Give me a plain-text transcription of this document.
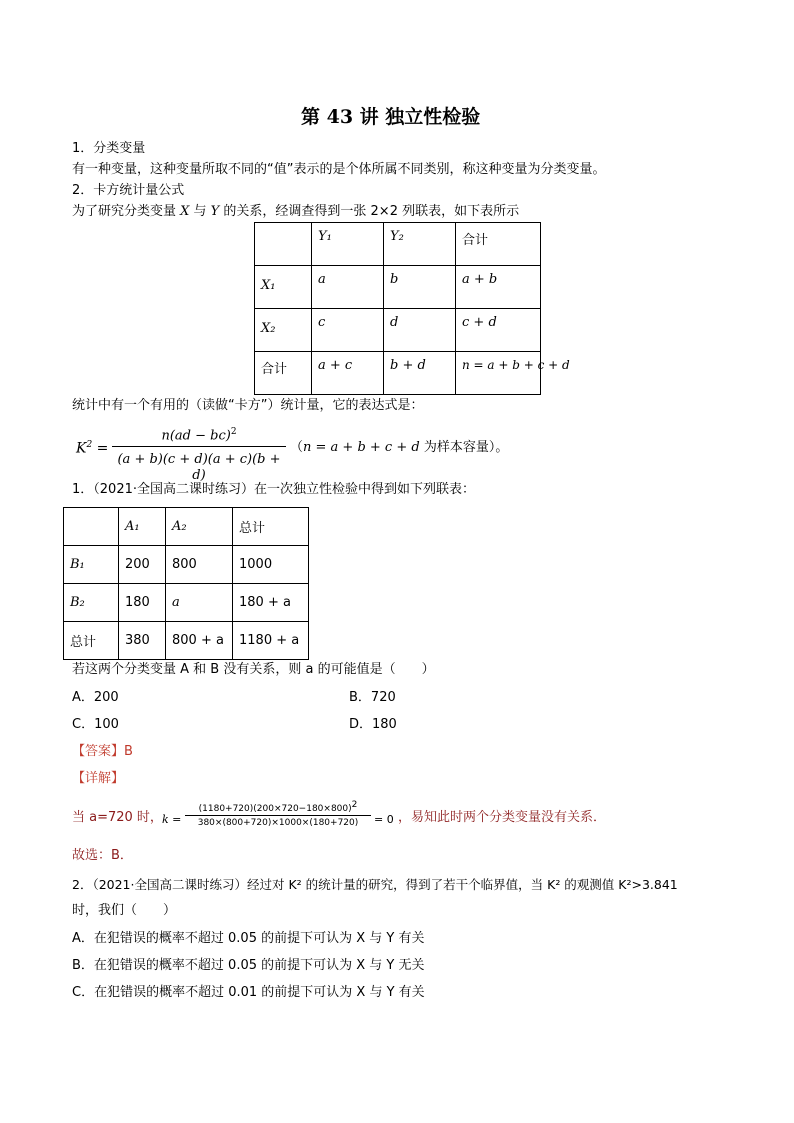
第 43 讲 独立性检验
1．分类变量
有一种变量，这种变量所取不同的“值”表示的是个体所属不同类别，称这种变量为分类变量。
2．卡方统计量公式
为了研究分类变量 X 与 Y 的关系，经调查得到一张 2×2 列联表，如下表所示

	Y₁	Y₂	合计

X₁	a	b	a + b

X₂	c	d	c + d

合计	a + c	b + d	n = a + b + c + d
统计中有一个有用的（读做“卡方”）统计量，它的表达式是：
$K^2$ =
n(ad − bc)$^2$
(a + b)(c + d)(a + c)(b + d)
（n = a + b + c + d 为样本容量）。
1．（2021·全国高二课时练习）在一次独立性检验中得到如下列联表：

	A₁	A₂	总计

B₁	200	800	1000

B₂	180	a	180 + a

总计	380	800 + a	1180 + a
若这两个分类变量 A 和 B 没有关系，则 a 的可能值是（　　）
A．200	B．720
C．100	D．180
【答案】B
【详解】
当 a=720 时， k =
$(1180+720)(200\times 720-180\times 800)^2$
380×(800+720)×1000×(180+720)	= 0 ，易知此时两个分类变量没有关系．
故选：B．
2．（2021·全国高二课时练习）经过对 K² 的统计量的研究，得到了若干个临界值，当 K² 的观测值 K²>3.841
时，我们（　　）
A．在犯错误的概率不超过 0.05 的前提下可认为 X 与 Y 有关
B．在犯错误的概率不超过 0.05 的前提下可认为 X 与 Y 无关
C．在犯错误的概率不超过 0.01 的前提下可认为 X 与 Y 有关
